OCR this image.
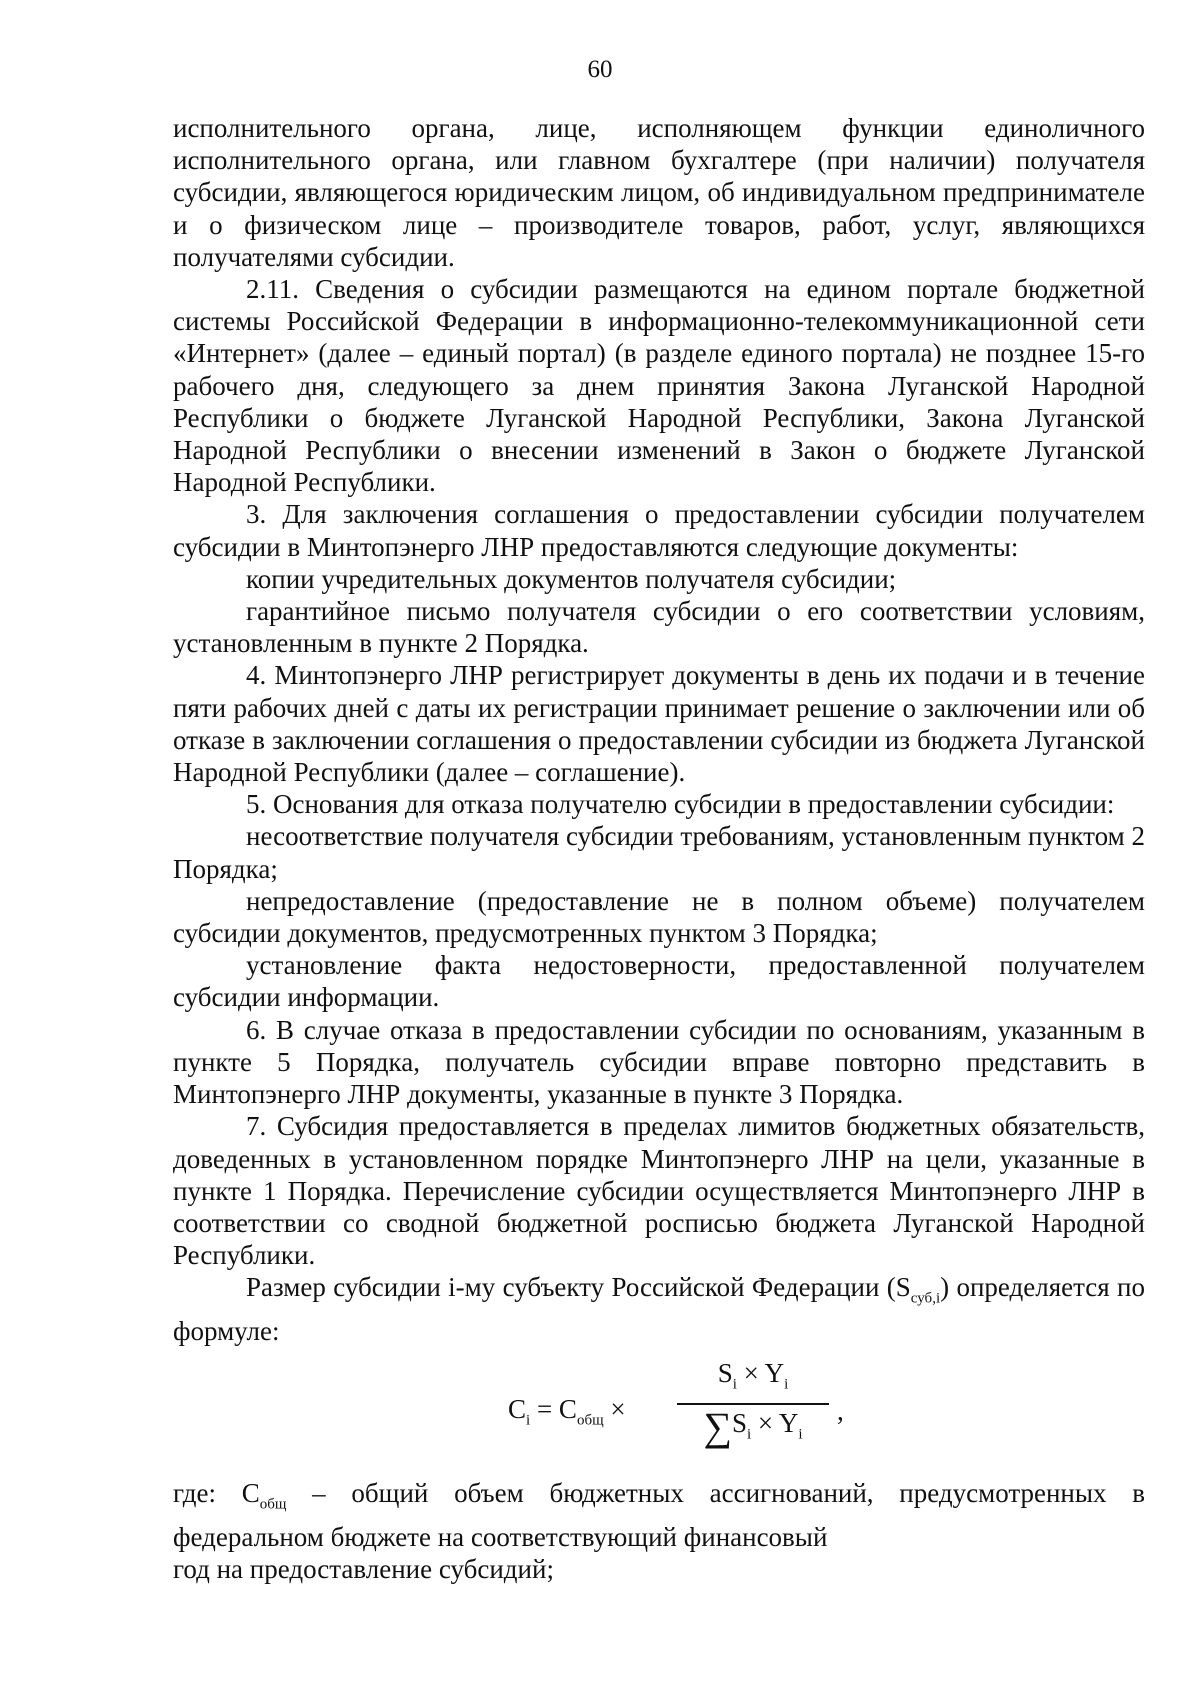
60

исполнительного органа, лице, исполняющем функции единоличного исполнительного органа, или главном бухгалтере (при наличии) получателя субсидии, являющегося юридическим лицом, об индивидуальном предпринимателе и о физическом лице – производителе товаров, работ, услуг, являющихся получателями субсидии.

2.11. Сведения о субсидии размещаются на едином портале бюджетной системы Российской Федерации в информационно-телекоммуникационной сети «Интернет» (далее – единый портал) (в разделе единого портала) не позднее 15-го рабочего дня, следующего за днем принятия Закона Луганской Народной Республики о бюджете Луганской Народной Республики, Закона Луганской Народной Республики о внесении изменений в Закон о бюджете Луганской Народной Республики.

3. Для заключения соглашения о предоставлении субсидии получателем субсидии в Минтопэнерго ЛНР предоставляются следующие документы:

копии учредительных документов получателя субсидии;

гарантийное письмо получателя субсидии о его соответствии условиям, установленным в пункте 2 Порядка.

4. Минтопэнерго ЛНР регистрирует документы в день их подачи и в течение пяти рабочих дней с даты их регистрации принимает решение о заключении или об отказе в заключении соглашения о предоставлении субсидии из бюджета Луганской Народной Республики (далее – соглашение).

5. Основания для отказа получателю субсидии в предоставлении субсидии:

несоответствие получателя субсидии требованиям, установленным пунктом 2 Порядка;

непредоставление (предоставление не в полном объеме) получателем субсидии документов, предусмотренных пунктом 3 Порядка;

установление факта недостоверности, предоставленной получателем субсидии информации.

6. В случае отказа в предоставлении субсидии по основаниям, указанным в пункте 5 Порядка, получатель субсидии вправе повторно представить в Минтопэнерго ЛНР документы, указанные в пункте 3 Порядка.

7. Субсидия предоставляется в пределах лимитов бюджетных обязательств, доведенных в установленном порядке Минтопэнерго ЛНР на цели, указанные в пункте 1 Порядка. Перечисление субсидии осуществляется Минтопэнерго ЛНР в соответствии со сводной бюджетной росписью бюджета Луганской Народной Республики.

Размер субсидии i-му субъекту Российской Федерации $(S_{суб,i})$ определяется по формуле:

$C_i = C_{общ}$ ×
$S_i \times Y_i$
$\sum S_i \times Y_i$
,

где: $C_{общ}$ – общий объем бюджетных ассигнований, предусмотренных в федеральном бюджете на соответствующий финансовый

год на предоставление субсидий;
